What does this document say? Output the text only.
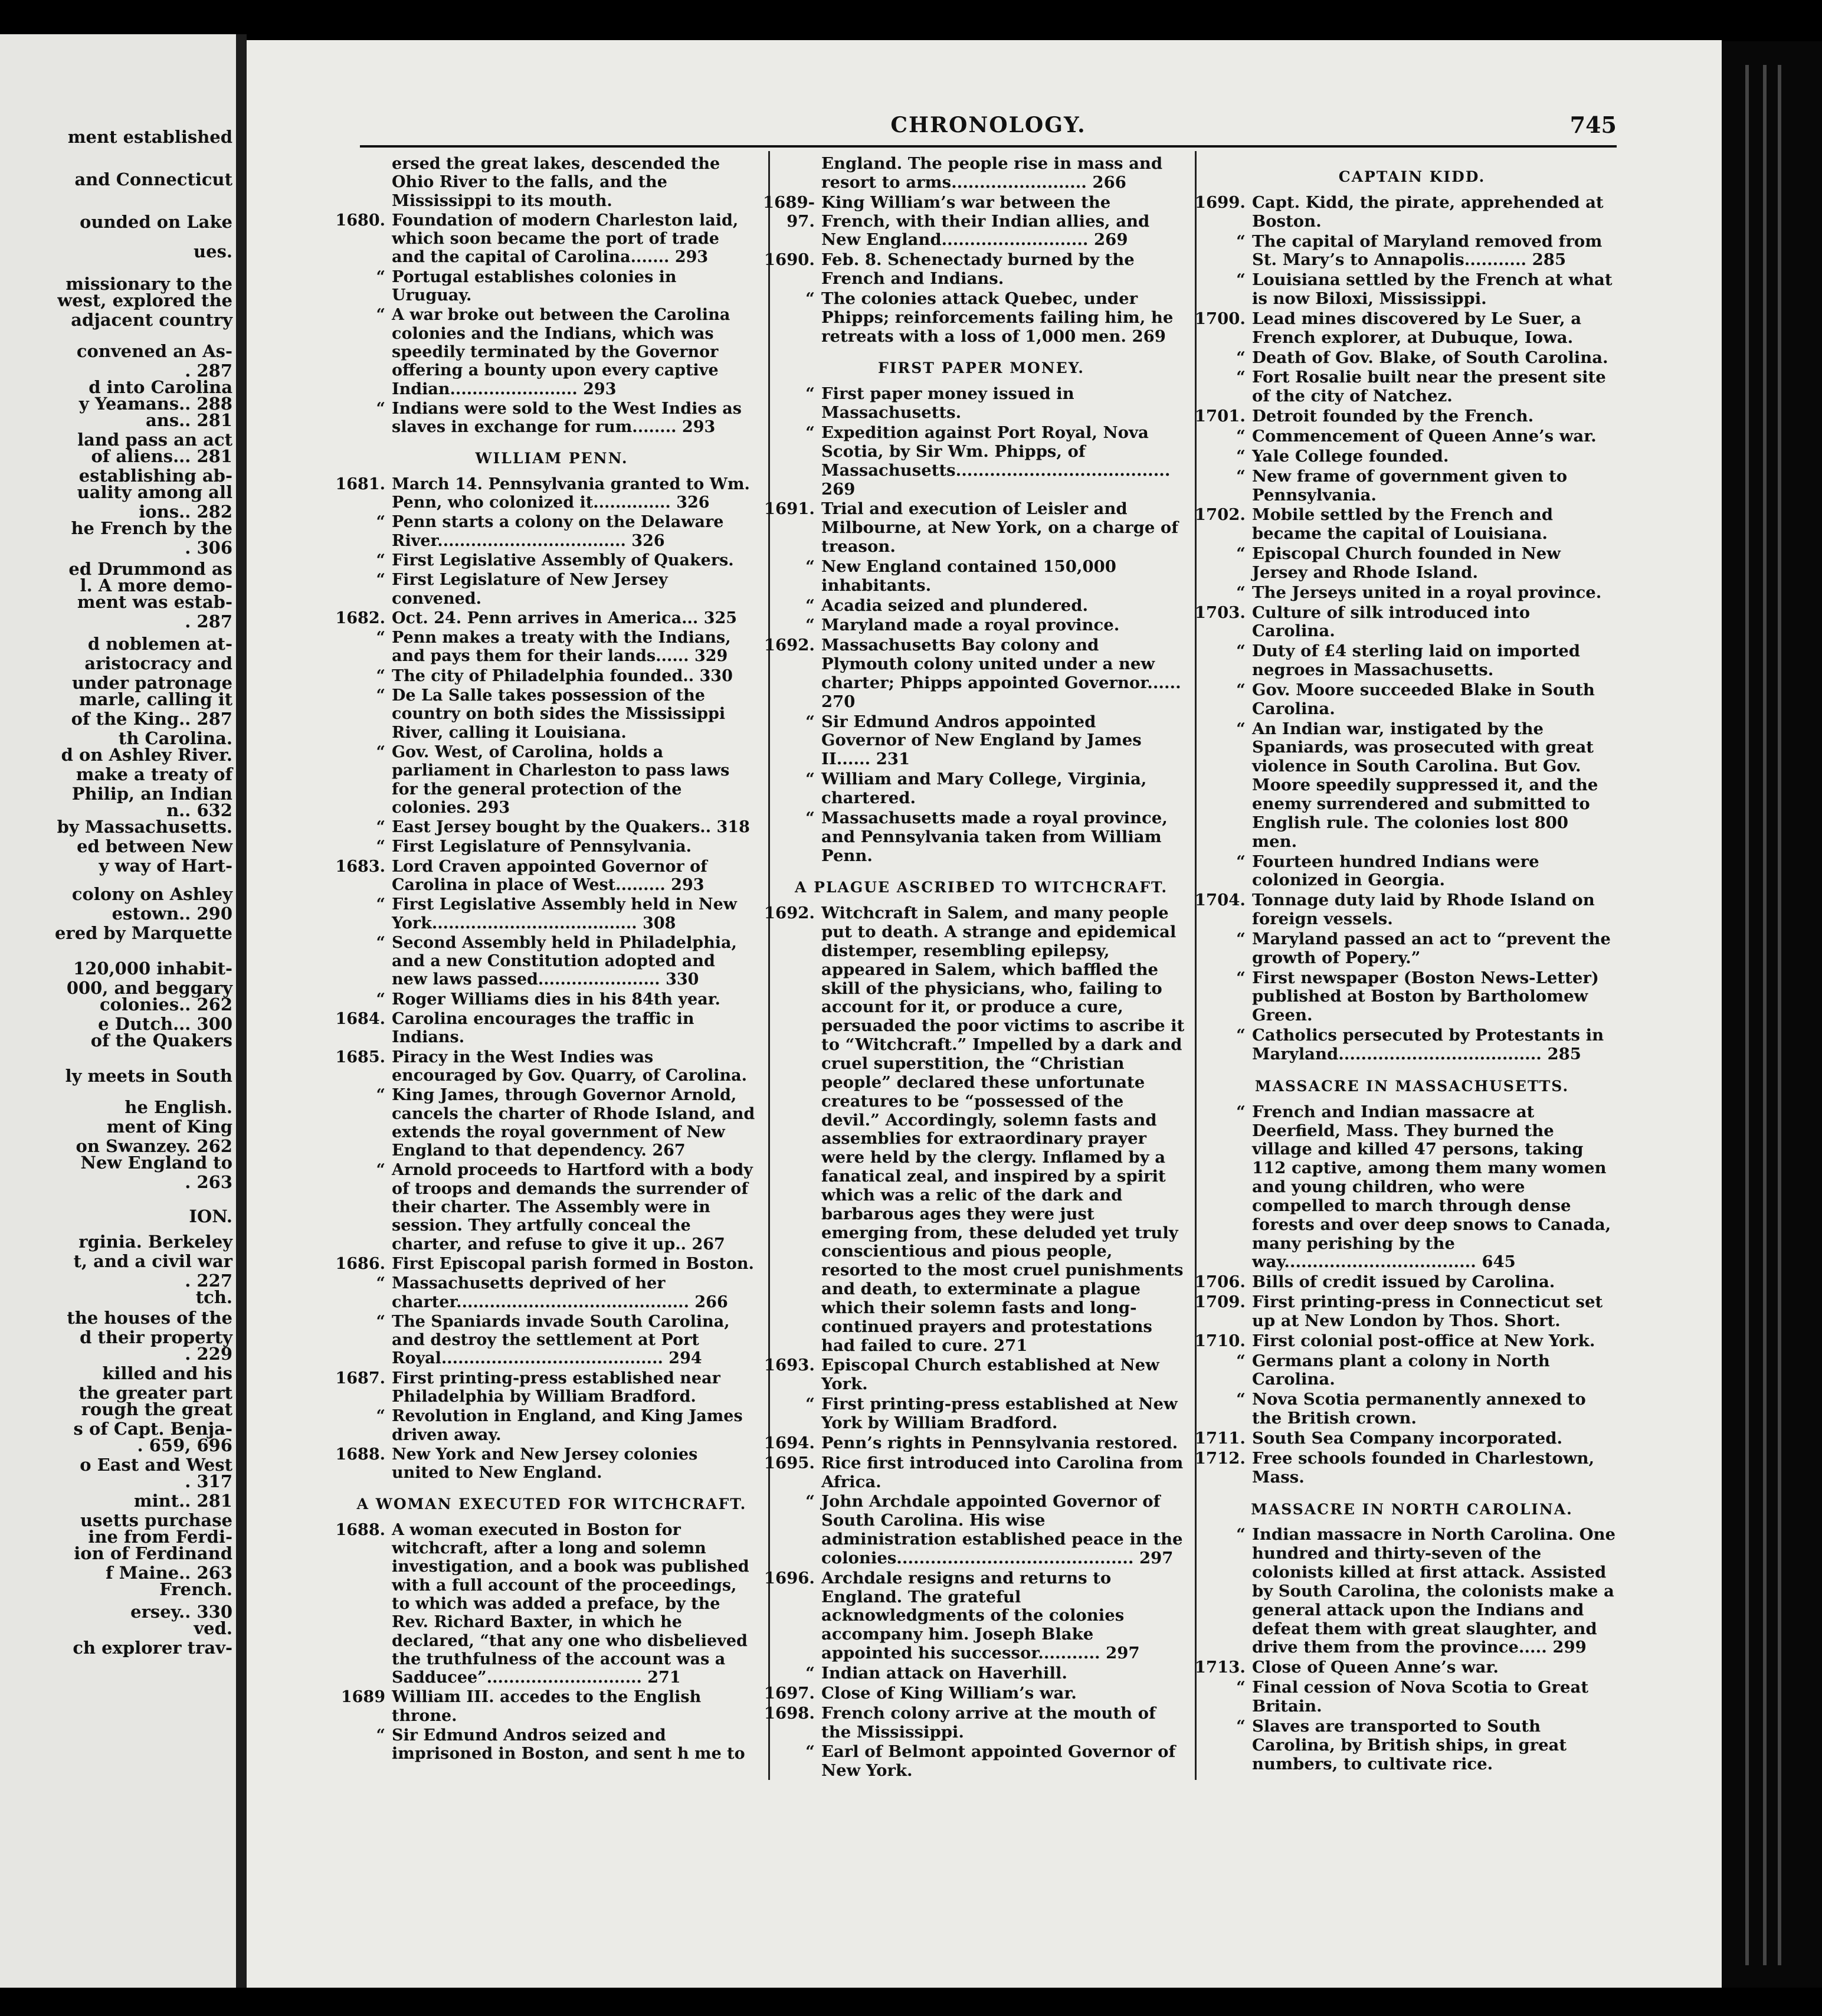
ment established
and Connecticut
ounded on Lake
ues.
missionary to the
west, explored the
adjacent country
convened an As-
. 287
d into Carolina
y Yeamans.. 288
ans.. 281
land pass an act
of aliens... 281
establishing ab-
uality among all
ions.. 282
he French by the
. 306
ed Drummond as
l. A more demo-
ment was estab-
. 287
d noblemen at-
aristocracy and
under patronage
marle, calling it
of the King.. 287
th Carolina.
d on Ashley River.
make a treaty of
Philip, an Indian
n.. 632
by Massachusetts.
ed between New
y way of Hart-
colony on Ashley
estown.. 290
ered by Marquette
120,000 inhabit-
000, and beggary
colonies.. 262
e Dutch... 300
of the Quakers
ly meets in South
he English.
ment of King
on Swanzey. 262
New England to
. 263
ION.
rginia. Berkeley
t, and a civil war
. 227
tch.
the houses of the
d their property
. 229
killed and his
the greater part
rough the great
s of Capt. Benja-
. 659, 696
o East and West
. 317
mint.. 281
usetts purchase
ine from Ferdi-
ion of Ferdinand
f Maine.. 263
French.
ersey.. 330
ved.
ch explorer trav-
CHRONOLOGY.	745
ersed the great lakes, descended the Ohio River to the falls, and the Mississippi to its mouth.
1680. Foundation of modern Charleston laid, which soon became the port of trade and the capital of Carolina....... 293
“ Portugal establishes colonies in Uruguay.
“ A war broke out between the Carolina colonies and the Indians, which was speedily terminated by the Governor offering a bounty upon every captive Indian....................... 293
“ Indians were sold to the West Indies as slaves in exchange for rum........ 293
WILLIAM PENN.
1681. March 14. Pennsylvania granted to Wm. Penn, who colonized it.............. 326
“ Penn starts a colony on the Delaware River.................................. 326
“ First Legislative Assembly of Quakers.
“ First Legislature of New Jersey convened.
1682. Oct. 24. Penn arrives in America... 325
“ Penn makes a treaty with the Indians, and pays them for their lands...... 329
“ The city of Philadelphia founded.. 330
“ De La Salle takes possession of the country on both sides the Mississippi River, calling it Louisiana.
“ Gov. West, of Carolina, holds a parliament in Charleston to pass laws for the general protection of the colonies. 293
“ East Jersey bought by the Quakers.. 318
“ First Legislature of Pennsylvania.
1683. Lord Craven appointed Governor of Carolina in place of West......... 293
“ First Legislative Assembly held in New York..................................... 308
“ Second Assembly held in Philadelphia, and a new Constitution adopted and new laws passed...................... 330
“ Roger Williams dies in his 84th year.
1684. Carolina encourages the traffic in Indians.
1685. Piracy in the West Indies was encouraged by Gov. Quarry, of Carolina.
“ King James, through Governor Arnold, cancels the charter of Rhode Island, and extends the royal government of New England to that dependency. 267
“ Arnold proceeds to Hartford with a body of troops and demands the surrender of their charter. The Assembly were in session. They artfully conceal the charter, and refuse to give it up.. 267
1686. First Episcopal parish formed in Boston.
“ Massachusetts deprived of her charter.......................................... 266
“ The Spaniards invade South Carolina, and destroy the settlement at Port Royal........................................ 294
1687. First printing-press established near Philadelphia by William Bradford.
“ Revolution in England, and King James driven away.
1688. New York and New Jersey colonies united to New England.
A WOMAN EXECUTED FOR WITCHCRAFT.
1688. A woman executed in Boston for witchcraft, after a long and solemn investigation, and a book was published with a full account of the proceedings, to which was added a preface, by the Rev. Richard Baxter, in which he declared, “that any one who disbelieved the truthfulness of the account was a Sadducee”............................ 271
1689 William III. accedes to the English throne.
“ Sir Edmund Andros seized and imprisoned in Boston, and sent h me to
England. The people rise in mass and resort to arms........................ 266
1689-97.
King William’s war between the French, with their Indian allies, and New England.......................... 269
1690. Feb. 8. Schenectady burned by the French and Indians.
“ The colonies attack Quebec, under Phipps; reinforcements failing him, he retreats with a loss of 1,000 men. 269
FIRST PAPER MONEY.
“ First paper money issued in Massachusetts.
“ Expedition against Port Royal, Nova Scotia, by Sir Wm. Phipps, of Massachusetts...................................... 269
1691. Trial and execution of Leisler and Milbourne, at New York, on a charge of treason.
“ New England contained 150,000 inhabitants.
“ Acadia seized and plundered.
“ Maryland made a royal province.
1692. Massachusetts Bay colony and Plymouth colony united under a new charter; Phipps appointed Governor...... 270
“ Sir Edmund Andros appointed Governor of New England by James II...... 231
“ William and Mary College, Virginia, chartered.
“ Massachusetts made a royal province, and Pennsylvania taken from William Penn.
A PLAGUE ASCRIBED TO WITCHCRAFT.
1692. Witchcraft in Salem, and many people put to death. A strange and epidemical distemper, resembling epilepsy, appeared in Salem, which baffled the skill of the physicians, who, failing to account for it, or produce a cure, persuaded the poor victims to ascribe it to “Witchcraft.” Impelled by a dark and cruel superstition, the “Christian people” declared these unfortunate creatures to be “possessed of the devil.” Accordingly, solemn fasts and assemblies for extraordinary prayer were held by the clergy. Inflamed by a fanatical zeal, and inspired by a spirit which was a relic of the dark and barbarous ages they were just emerging from, these deluded yet truly conscientious and pious people, resorted to the most cruel punishments and death, to exterminate a plague which their solemn fasts and long-continued prayers and protestations had failed to cure. 271
1693. Episcopal Church established at New York.
“ First printing-press established at New York by William Bradford.
1694. Penn’s rights in Pennsylvania restored.
1695. Rice first introduced into Carolina from Africa.
“ John Archdale appointed Governor of South Carolina. His wise administration established peace in the colonies.......................................... 297
1696. Archdale resigns and returns to England. The grateful acknowledgments of the colonies accompany him. Joseph Blake appointed his successor........... 297
“ Indian attack on Haverhill.
1697. Close of King William’s war.
1698. French colony arrive at the mouth of the Mississippi.
“ Earl of Belmont appointed Governor of New York.
CAPTAIN KIDD.
1699. Capt. Kidd, the pirate, apprehended at Boston.
“ The capital of Maryland removed from St. Mary’s to Annapolis........... 285
“ Louisiana settled by the French at what is now Biloxi, Mississippi.
1700. Lead mines discovered by Le Suer, a French explorer, at Dubuque, Iowa.
“ Death of Gov. Blake, of South Carolina.
“ Fort Rosalie built near the present site of the city of Natchez.
1701. Detroit founded by the French.
“ Commencement of Queen Anne’s war.
“ Yale College founded.
“ New frame of government given to Pennsylvania.
1702. Mobile settled by the French and became the capital of Louisiana.
“ Episcopal Church founded in New Jersey and Rhode Island.
“ The Jerseys united in a royal province.
1703. Culture of silk introduced into Carolina.
“ Duty of £4 sterling laid on imported negroes in Massachusetts.
“ Gov. Moore succeeded Blake in South Carolina.
“ An Indian war, instigated by the Spaniards, was prosecuted with great violence in South Carolina. But Gov. Moore speedily suppressed it, and the enemy surrendered and submitted to English rule. The colonies lost 800 men.
“ Fourteen hundred Indians were colonized in Georgia.
1704. Tonnage duty laid by Rhode Island on foreign vessels.
“ Maryland passed an act to “prevent the growth of Popery.”
“ First newspaper (Boston News-Letter) published at Boston by Bartholomew Green.
“ Catholics persecuted by Protestants in Maryland.................................... 285
MASSACRE IN MASSACHUSETTS.
“ French and Indian massacre at Deerfield, Mass. They burned the village and killed 47 persons, taking 112 captive, among them many women and young children, who were compelled to march through dense forests and over deep snows to Canada, many perishing by the way.................................. 645
1706. Bills of credit issued by Carolina.
1709. First printing-press in Connecticut set up at New London by Thos. Short.
1710. First colonial post-office at New York.
“ Germans plant a colony in North Carolina.
“ Nova Scotia permanently annexed to the British crown.
1711. South Sea Company incorporated.
1712. Free schools founded in Charlestown, Mass.
MASSACRE IN NORTH CAROLINA.
“ Indian massacre in North Carolina. One hundred and thirty-seven of the colonists killed at first attack. Assisted by South Carolina, the colonists make a general attack upon the Indians and defeat them with great slaughter, and drive them from the province..... 299
1713. Close of Queen Anne’s war.
“ Final cession of Nova Scotia to Great Britain.
“ Slaves are transported to South Carolina, by British ships, in great numbers, to cultivate rice.
